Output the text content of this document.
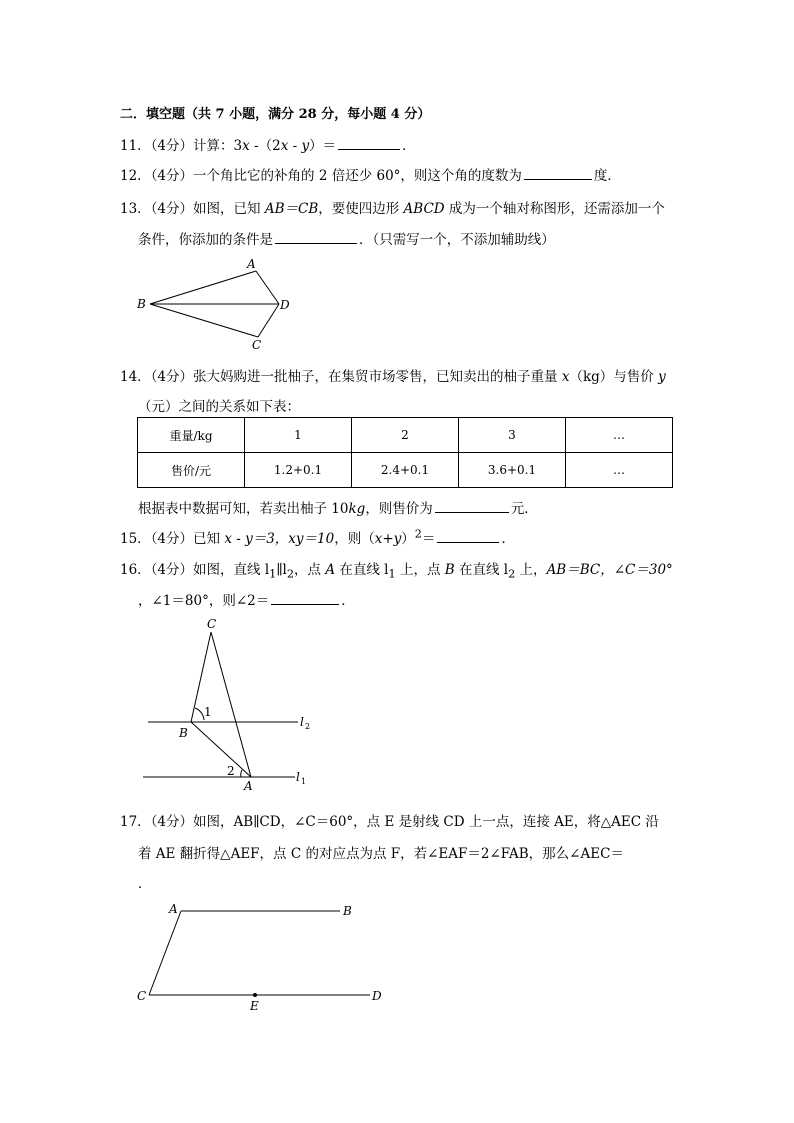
二．填空题（共 7 小题，满分 28 分，每小题 4 分）
11．（4分）计算：3x -（2x - y）＝	．
12．（4分）一个角比它的补角的 2 倍还少 60°，则这个角的度数为	度．
13．（4分）如图，已知 AB＝CB，要使四边形 ABCD 成为一个轴对称图形，还需添加一个
条件，你添加的条件是	．（只需写一个，不添加辅助线）
A
B	D
C
14．（4分）张大妈购进一批柚子，在集贸市场零售，已知卖出的柚子重量 x（kg）与售价 y
（元）之间的关系如下表：
重量/kg	1	2	3	…
售价/元	1.2+0.1	2.4+0.1	3.6+0.1	…
根据表中数据可知，若卖出柚子 10kg，则售价为	元．
15．（4分）已知 x - y＝3，xy＝10，则$(x+y)^2=$	．
16．（4分）如图，直线 $l_1\parallel l_2$，点 A 在直线 $l_1$ 上，点 B 在直线 $l_2$ 上，AB＝BC，∠C＝30°
，∠1＝80°，则∠2＝	．
C
B
A
1
2
l 2
l 1
17．（4分）如图，AB∥CD，∠C＝60°，点 E 是射线 CD 上一点，连接 AE，将△AEC 沿
着 AE 翻折得△AEF，点 C 的对应点为点 F，若∠EAF＝2∠FAB，那么∠AEC＝
．
A	B
C	D
E
